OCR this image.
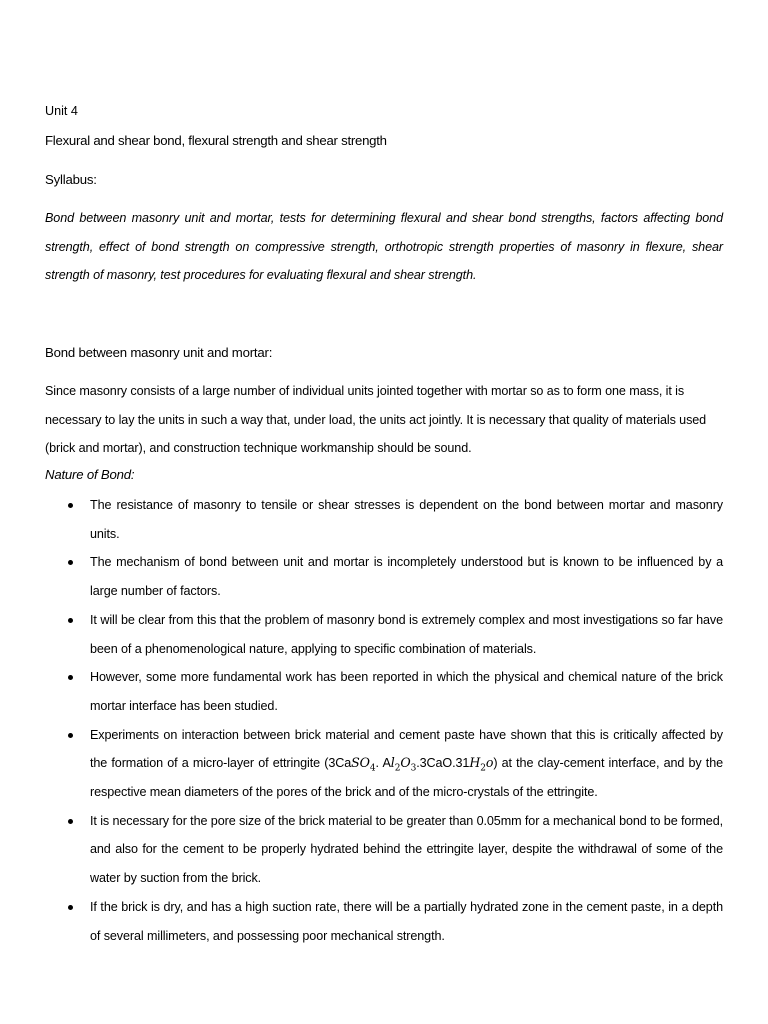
Unit 4
Flexural and shear bond, flexural strength and shear strength
Syllabus:
Bond between masonry unit and mortar, tests for determining flexural and shear bond strengths, factors affecting bond strength, effect of bond strength on compressive strength, orthotropic strength properties of masonry in flexure, shear strength of masonry, test procedures for evaluating flexural and shear strength.
Bond between masonry unit and mortar:
Since masonry consists of a large number of individual units jointed together with mortar so as to form one mass, it is necessary to lay the units in such a way that, under load, the units act jointly. It is necessary that quality of materials used (brick and mortar), and construction technique workmanship should be sound.
Nature of Bond:
The resistance of masonry to tensile or shear stresses is dependent on the bond between mortar and masonry units.
The mechanism of bond between unit and mortar is incompletely understood but is known to be influenced by a large number of factors.
It will be clear from this that the problem of masonry bond is extremely complex and most investigations so far have been of a phenomenological nature, applying to specific combination of materials.
However, some more fundamental work has been reported in which the physical and chemical nature of the brick mortar interface has been studied.
Experiments on interaction between brick material and cement paste have shown that this is critically affected by the formation of a micro-layer of ettringite (3CaSO$_4$. $Al_2O_3.3CaO.31H_2o$) at the clay-cement interface, and by the respective mean diameters of the pores of the brick and of the micro-crystals of the ettringite.
It is necessary for the pore size of the brick material to be greater than 0.05mm for a mechanical bond to be formed, and also for the cement to be properly hydrated behind the ettringite layer, despite the withdrawal of some of the water by suction from the brick.
If the brick is dry, and has a high suction rate, there will be a partially hydrated zone in the cement paste, in a depth of several millimeters, and possessing poor mechanical strength.
